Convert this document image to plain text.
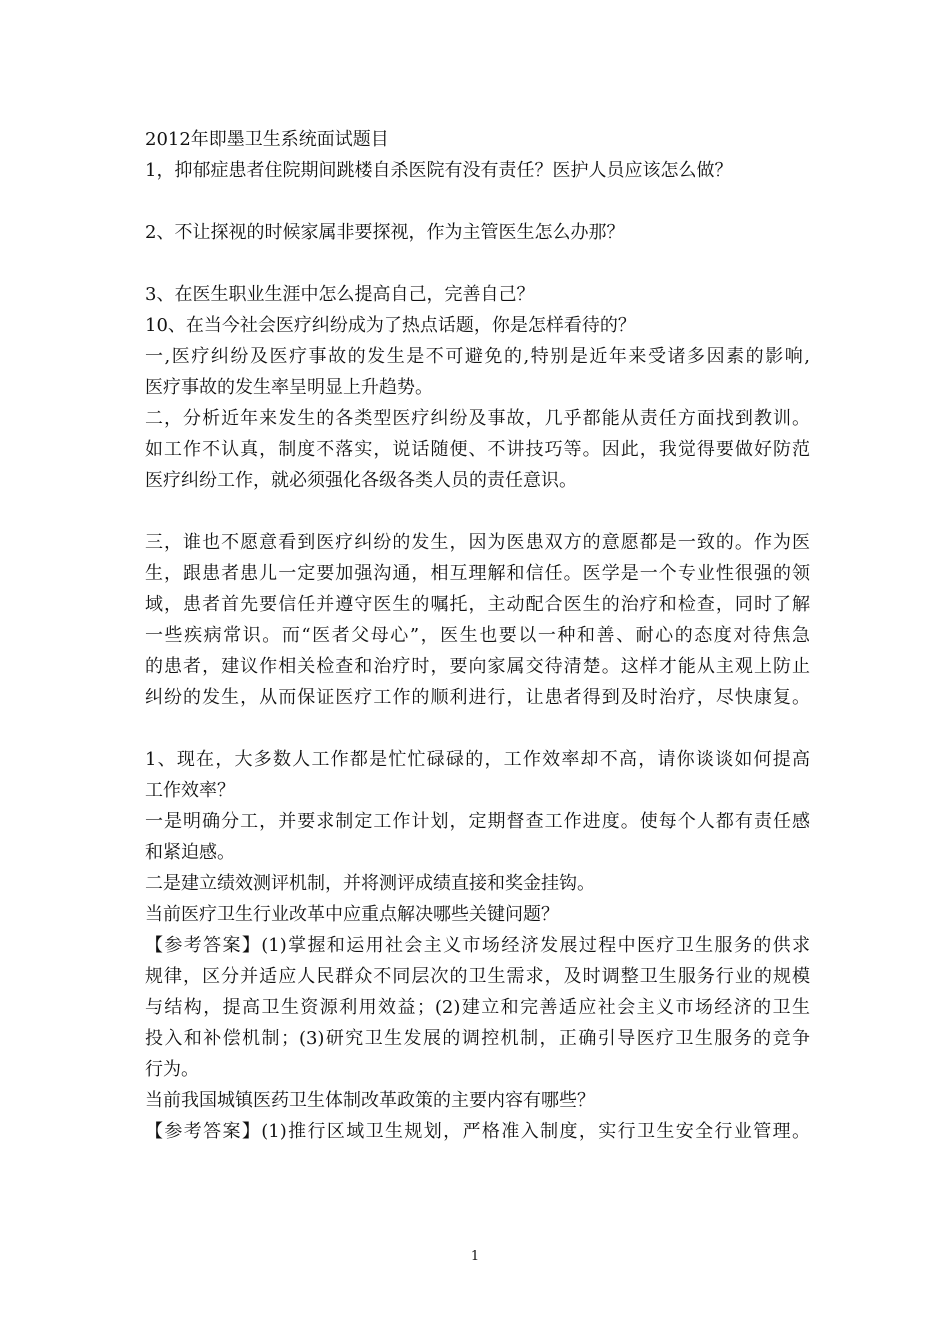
2012年即墨卫生系统面试题目
1，抑郁症患者住院期间跳楼自杀医院有没有责任？医护人员应该怎么做？
2、不让探视的时候家属非要探视，作为主管医生怎么办那？
3、在医生职业生涯中怎么提高自己，完善自己？
10、在当今社会医疗纠纷成为了热点话题，你是怎样看待的？
一,医疗纠纷及医疗事故的发生是不可避免的,特别是近年来受诸多因素的影响,
医疗事故的发生率呈明显上升趋势。
二，分析近年来发生的各类型医疗纠纷及事故，几乎都能从责任方面找到教训。
如工作不认真，制度不落实，说话随便、不讲技巧等。因此，我觉得要做好防范
医疗纠纷工作，就必须强化各级各类人员的责任意识。
三，谁也不愿意看到医疗纠纷的发生，因为医患双方的意愿都是一致的。作为医
生，跟患者患儿一定要加强沟通，相互理解和信任。医学是一个专业性很强的领
域，患者首先要信任并遵守医生的嘱托，主动配合医生的治疗和检查，同时了解
一些疾病常识。而“医者父母心”，医生也要以一种和善、耐心的态度对待焦急
的患者，建议作相关检查和治疗时，要向家属交待清楚。这样才能从主观上防止
纠纷的发生，从而保证医疗工作的顺利进行，让患者得到及时治疗，尽快康复。
1、现在，大多数人工作都是忙忙碌碌的，工作效率却不高，请你谈谈如何提高
工作效率？
一是明确分工，并要求制定工作计划，定期督查工作进度。使每个人都有责任感
和紧迫感。
二是建立绩效测评机制，并将测评成绩直接和奖金挂钩。
当前医疗卫生行业改革中应重点解决哪些关键问题？
【参考答案】(1)掌握和运用社会主义市场经济发展过程中医疗卫生服务的供求
规律，区分并适应人民群众不同层次的卫生需求，及时调整卫生服务行业的规模
与结构，提高卫生资源利用效益；(2)建立和完善适应社会主义市场经济的卫生
投入和补偿机制；(3)研究卫生发展的调控机制，正确引导医疗卫生服务的竞争
行为。
当前我国城镇医药卫生体制改革政策的主要内容有哪些？
【参考答案】(1)推行区域卫生规划，严格准入制度，实行卫生安全行业管理。
1
